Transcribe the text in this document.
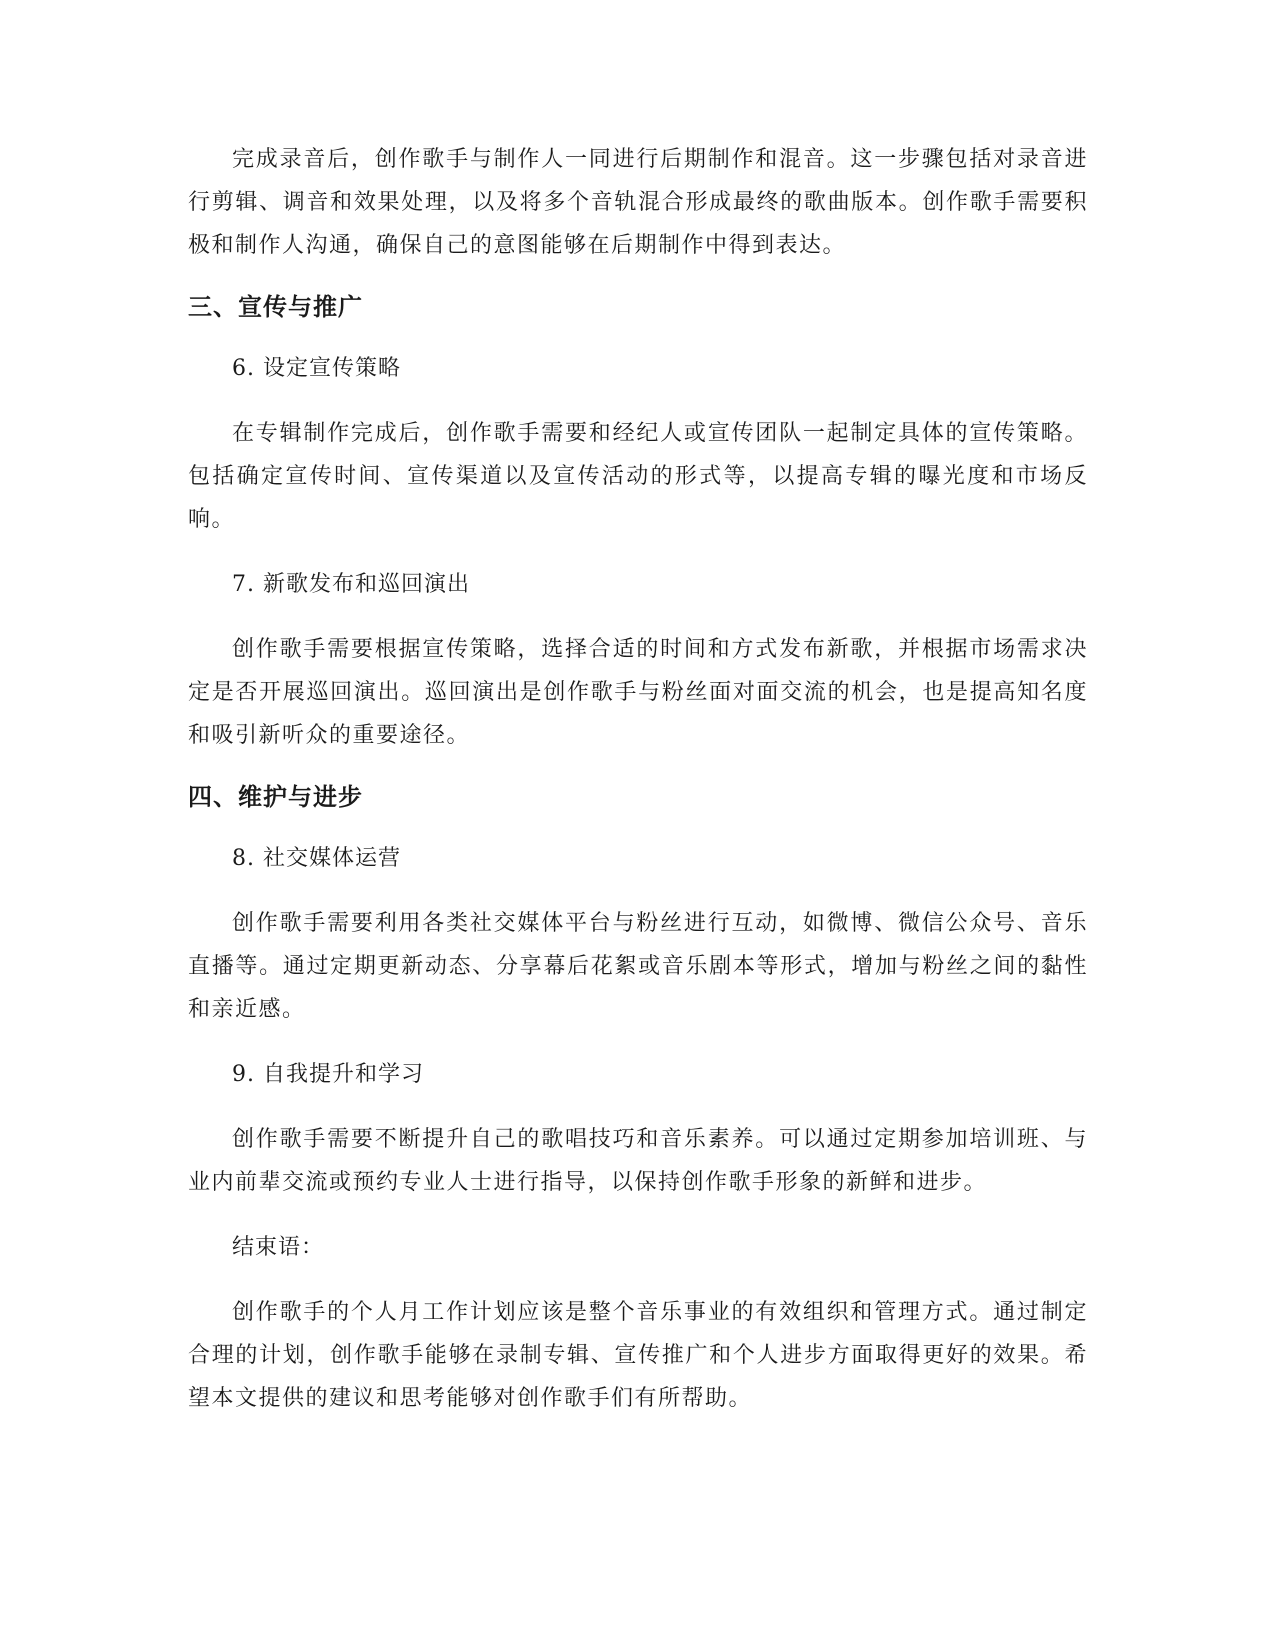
完成录音后，创作歌手与制作人一同进行后期制作和混音。这一步骤包括对录音进行剪辑、调音和效果处理，以及将多个音轨混合形成最终的歌曲版本。创作歌手需要积极和制作人沟通，确保自己的意图能够在后期制作中得到表达。

三、宣传与推广

6. 设定宣传策略

在专辑制作完成后，创作歌手需要和经纪人或宣传团队一起制定具体的宣传策略。包括确定宣传时间、宣传渠道以及宣传活动的形式等，以提高专辑的曝光度和市场反响。

7. 新歌发布和巡回演出

创作歌手需要根据宣传策略，选择合适的时间和方式发布新歌，并根据市场需求决定是否开展巡回演出。巡回演出是创作歌手与粉丝面对面交流的机会，也是提高知名度和吸引新听众的重要途径。

四、维护与进步

8. 社交媒体运营

创作歌手需要利用各类社交媒体平台与粉丝进行互动，如微博、微信公众号、音乐直播等。通过定期更新动态、分享幕后花絮或音乐剧本等形式，增加与粉丝之间的黏性和亲近感。

9. 自我提升和学习

创作歌手需要不断提升自己的歌唱技巧和音乐素养。可以通过定期参加培训班、与业内前辈交流或预约专业人士进行指导，以保持创作歌手形象的新鲜和进步。

结束语：

创作歌手的个人月工作计划应该是整个音乐事业的有效组织和管理方式。通过制定合理的计划，创作歌手能够在录制专辑、宣传推广和个人进步方面取得更好的效果。希望本文提供的建议和思考能够对创作歌手们有所帮助。
